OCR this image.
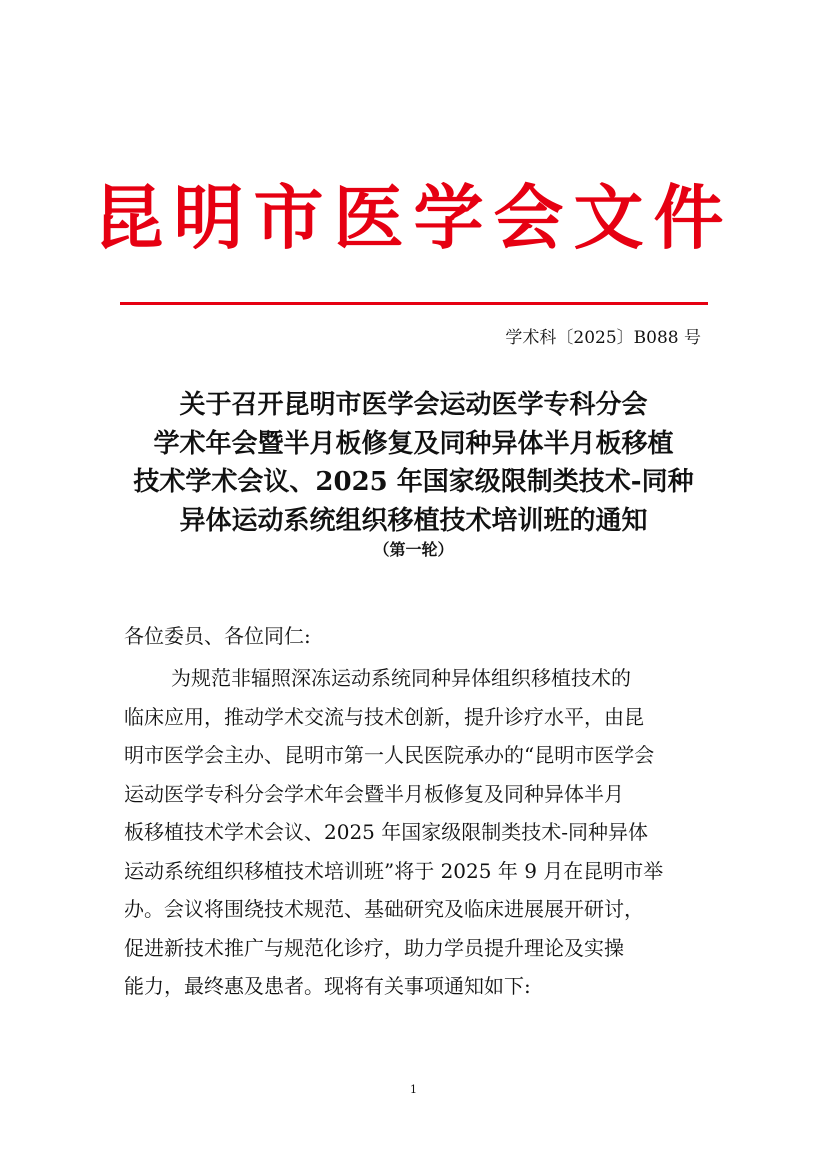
昆明市医学会文件
学术科〔2025〕B088 号
关于召开昆明市医学会运动医学专科分会
学术年会暨半月板修复及同种异体半月板移植
技术学术会议、2025 年国家级限制类技术-同种
异体运动系统组织移植技术培训班的通知
（第一轮）
各位委员、各位同仁:
为规范非辐照深冻运动系统同种异体组织移植技术的
临床应用，推动学术交流与技术创新，提升诊疗水平，由昆
明市医学会主办、昆明市第一人民医院承办的“昆明市医学会
运动医学专科分会学术年会暨半月板修复及同种异体半月
板移植技术学术会议、2025 年国家级限制类技术-同种异体
运动系统组织移植技术培训班”将于 2025 年 9 月在昆明市举
办。会议将围绕技术规范、基础研究及临床进展展开研讨，
促进新技术推广与规范化诊疗，助力学员提升理论及实操
能力，最终惠及患者。现将有关事项通知如下:
1
